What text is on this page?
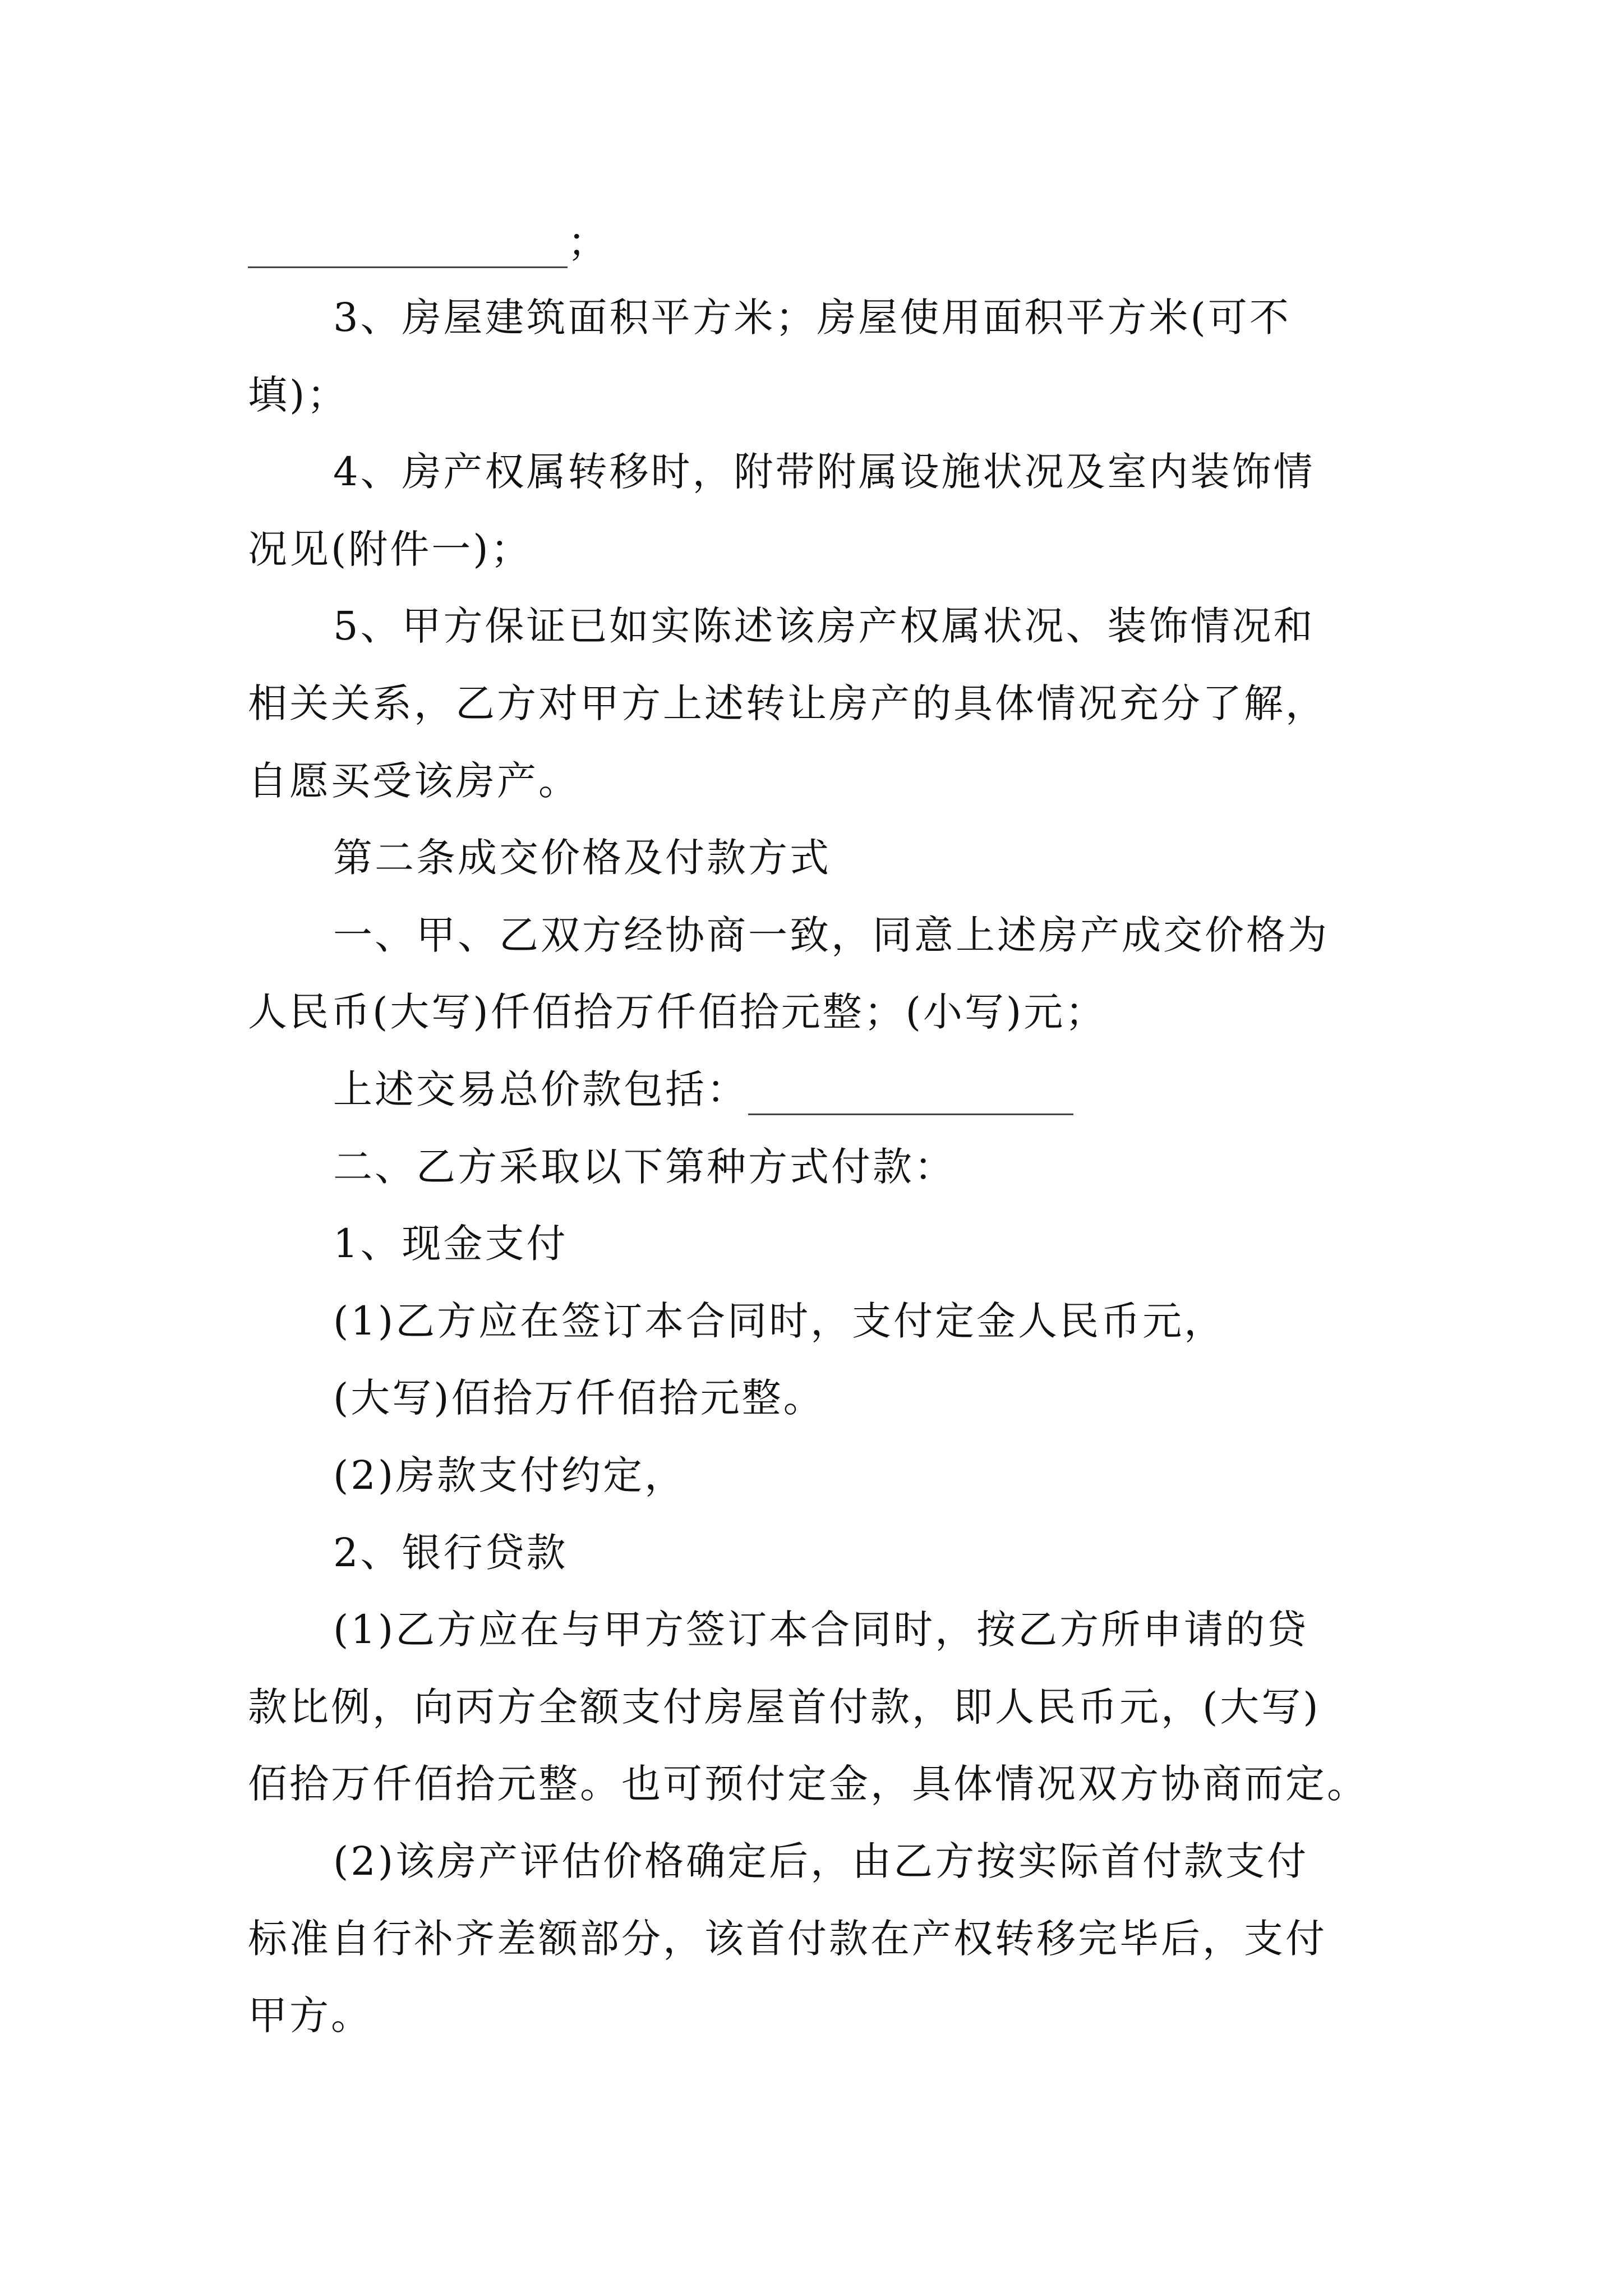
；

3、房屋建筑面积平方米；房屋使用面积平方米(可不

填)；

4、房产权属转移时，附带附属设施状况及室内装饰情

况见(附件一)；

5、甲方保证已如实陈述该房产权属状况、装饰情况和

相关关系，乙方对甲方上述转让房产的具体情况充分了解，

自愿买受该房产。

第二条成交价格及付款方式

一、甲、乙双方经协商一致，同意上述房产成交价格为

人民币(大写)仟佰拾万仟佰拾元整；(小写)元；

上述交易总价款包括：

二、乙方采取以下第种方式付款：

1、现金支付

(1)乙方应在签订本合同时，支付定金人民币元，

(大写)佰拾万仟佰拾元整。

(2)房款支付约定，

2、银行贷款

(1)乙方应在与甲方签订本合同时，按乙方所申请的贷

款比例，向丙方全额支付房屋首付款，即人民币元，(大写)

佰拾万仟佰拾元整。也可预付定金，具体情况双方协商而定。

(2)该房产评估价格确定后，由乙方按实际首付款支付

标准自行补齐差额部分，该首付款在产权转移完毕后，支付

甲方。
